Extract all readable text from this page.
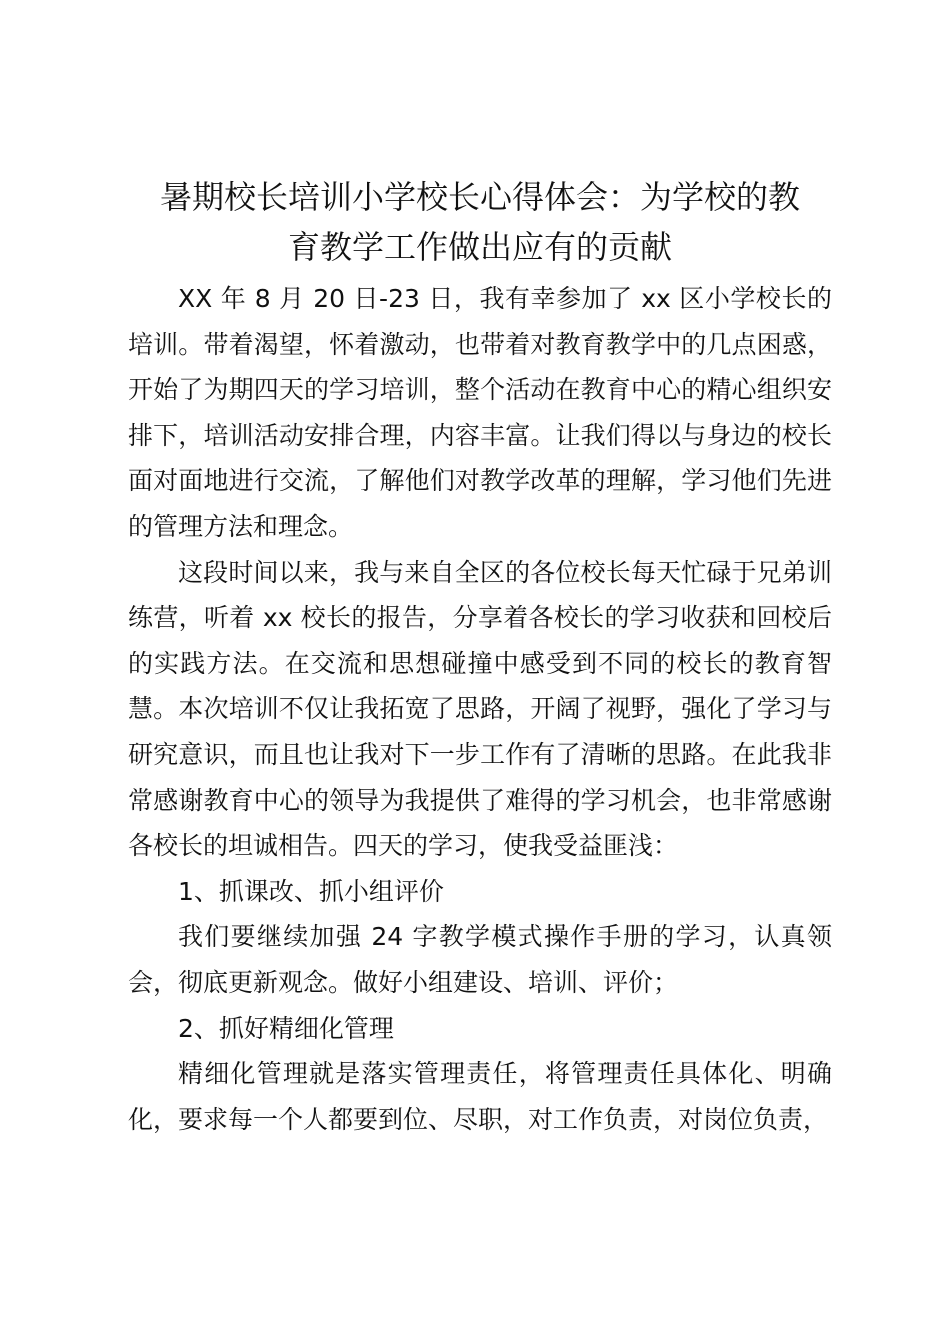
暑期校长培训小学校长心得体会：为学校的教
育教学工作做出应有的贡献

XX 年 8 月 20 日-23 日，我有幸参加了 xx 区小学校长的培训。带着渴望，怀着激动，也带着对教育教学中的几点困惑，开始了为期四天的学习培训，整个活动在教育中心的精心组织安排下，培训活动安排合理，内容丰富。让我们得以与身边的校长面对面地进行交流，了解他们对教学改革的理解，学习他们先进的管理方法和理念。

这段时间以来，我与来自全区的各位校长每天忙碌于兄弟训练营，听着 xx 校长的报告，分享着各校长的学习收获和回校后的实践方法。在交流和思想碰撞中感受到不同的校长的教育智慧。本次培训不仅让我拓宽了思路，开阔了视野，强化了学习与研究意识，而且也让我对下一步工作有了清晰的思路。在此我非常感谢教育中心的领导为我提供了难得的学习机会，也非常感谢各校长的坦诚相告。四天的学习，使我受益匪浅：

1、抓课改、抓小组评价

我们要继续加强 24 字教学模式操作手册的学习，认真领会，彻底更新观念。做好小组建设、培训、评价；

2、抓好精细化管理

精细化管理就是落实管理责任，将管理责任具体化、明确化，要求每一个人都要到位、尽职，对工作负责，对岗位负责，
